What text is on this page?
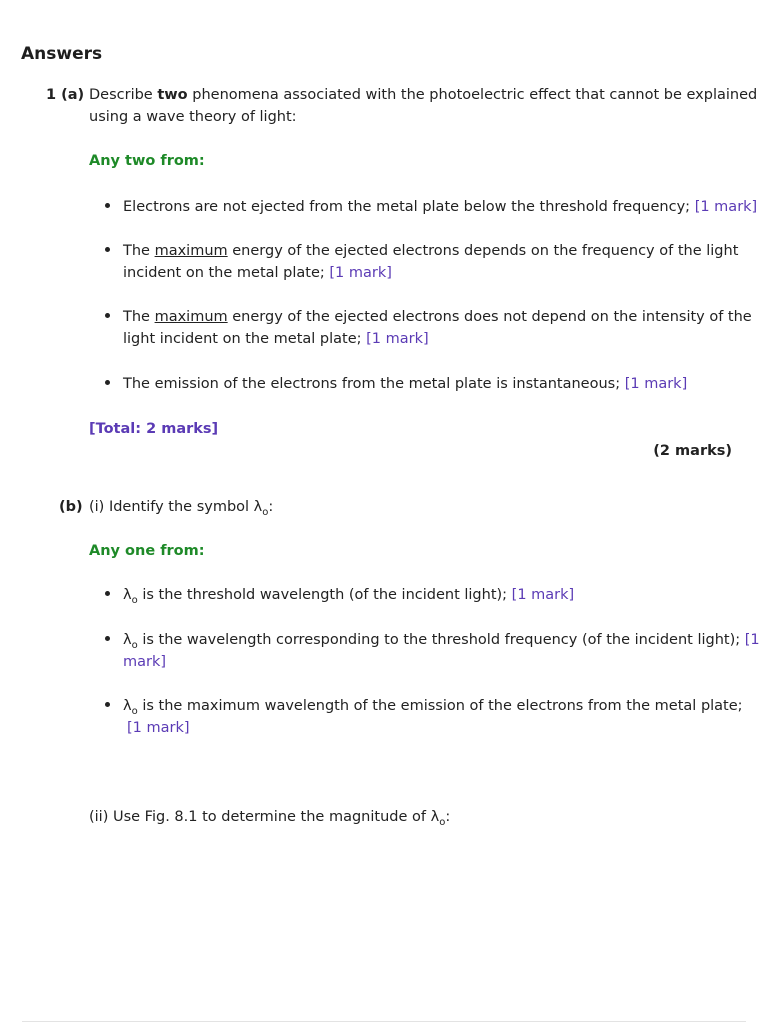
Answers
1 (a) Describe two phenomena associated with the photoelectric effect that cannot be explained
using a wave theory of light:
Any two from:
Electrons are not ejected from the metal plate below the threshold frequency; [1 mark]
The maximum energy of the ejected electrons depends on the frequency of the light
incident on the metal plate; [1 mark]
The maximum energy of the ejected electrons does not depend on the intensity of the
light incident on the metal plate; [1 mark]
The emission of the electrons from the metal plate is instantaneous; [1 mark]
[Total: 2 marks]
(2 marks)
(b) (i) Identify the symbol $\lambda_o$:
Any one from:
$\lambda_o$ is the threshold wavelength (of the incident light); [1 mark]
$\lambda_o$ is the wavelength corresponding to the threshold frequency (of the incident light); [1
mark]
$\lambda_o$ is the maximum wavelength of the emission of the electrons from the metal plate;
[1 mark]
(ii) Use Fig. 8.1 to determine the magnitude of $\lambda_o$:
